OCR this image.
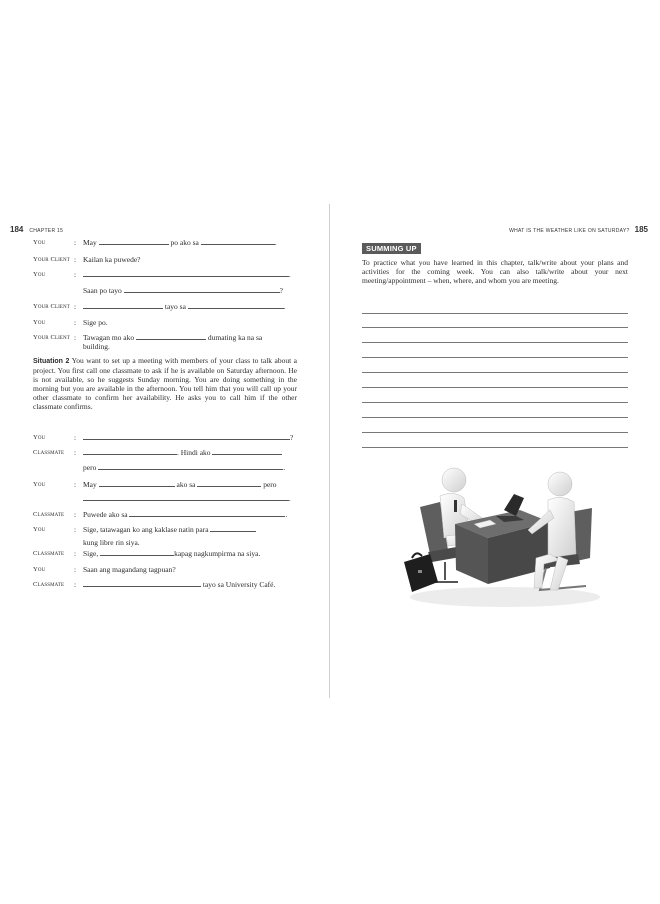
184 CHAPTER 15	WHAT IS THE WEATHER LIKE ON SATURDAY? 185
You	: May	po ako sa	.
Your Client : Kailan ka puwede?
You	:	.
Saan po tayo	?
Your Client :	tayo sa	.
You	: Sige po.
Your Client : Tawagan mo ako	dumating ka na sa
building.
Situation 2 You want to set up a meeting with members of your class to talk about a project. You first call one classmate to ask if he is available on Saturday afternoon. He is not available, so he suggests Sunday morning. You are doing something in the morning but you are available in the afternoon. You tell him that you will call up your other classmate to confirm her availability. He asks you to call him if the other classmate confirms.
You	:	?
Classmate :	. Hindi ako

pero	.
You	: May	ako sa	pero

.
Classmate : Puwede ako sa	.
You	: Sige, tatawagan ko ang kaklase natin para

kung libre rin siya.
Classmate : Sige,	kapag nagkumpirma na siya.
You	: Saan ang magandang tagpuan?
Classmate :	tayo sa University Café.
SUMMING UP
To practice what you have learned in this chapter, talk/write about your plans and activities for the coming week. You can also talk/write about your next meeting/appointment – when, where, and whom you are meeting.
